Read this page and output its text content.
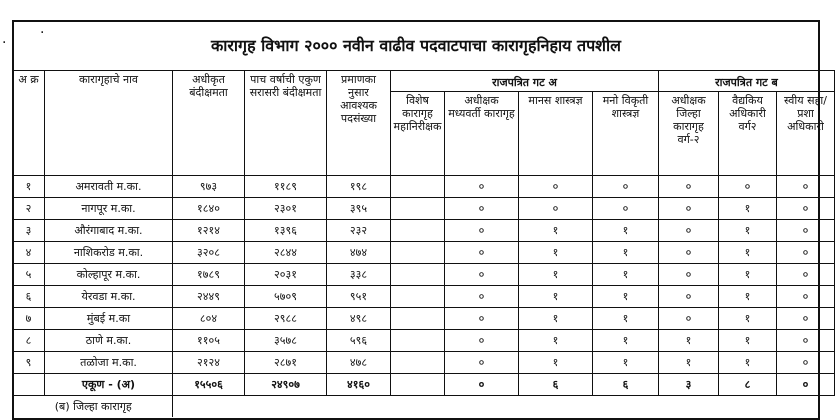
·
·
कारागृह विभाग २००० नवीन वाढीव पदवाटपाचा कारागृहनिहाय तपशील
अ क्र	कारागृहाचे नाव	अधीकृत बंदीक्षमता	पाच वर्षाची एकुण सरासरी बंदीक्षमता	प्रमाणका नुसार आवश्यक पदसंख्या	राजपत्रित गट अ				राजपत्रित गट ब		
					विशेष कारागृह महानिरीक्षक	अधीक्षक मध्यवर्ती कारागृह	मानस शास्त्रज्ञ	मनो विकृती शास्त्रज्ञ	अधीक्षक जिल्हा कारागृह वर्ग-२	वैद्यकिय अधिकारी वर्ग२	स्वीय सहा/प्रशा अधिकारी
१	अमरावती म.का.	९७३	११८९	१९८		०	०	०	०	०	०
२	नागपूर म.का.	१८४०	२३०१	३९५		०	०	०	०	१	०
३	औरंगाबाद म.का.	१२१४	१३९६	२३२		०	१	१	०	१	०
४	नाशिकरोड म.का.	३२०८	२८४४	४७४		०	१	१	०	१	०
५	कोल्हापूर म.का.	१७८९	२०३१	३३८		०	१	१	०	१	०
६	येरवडा म.का.	२४४९	५७०९	९५१		०	१	१	०	१	०
७	मुंबई म.का	८०४	२९८८	४९८		०	१	१	०	१	०
८	ठाणे म.का.	११०५	३५७८	५९६		०	१	१	१	१	०
९	तळोजा म.का.	२१२४	२८७१	४७८		०	१	१	१	१	०
	एकूण - (अ)	१५५०६	२४९०७	४१६०		०	६	६	३	८	०
(ब) जिल्हा कारागृह											
